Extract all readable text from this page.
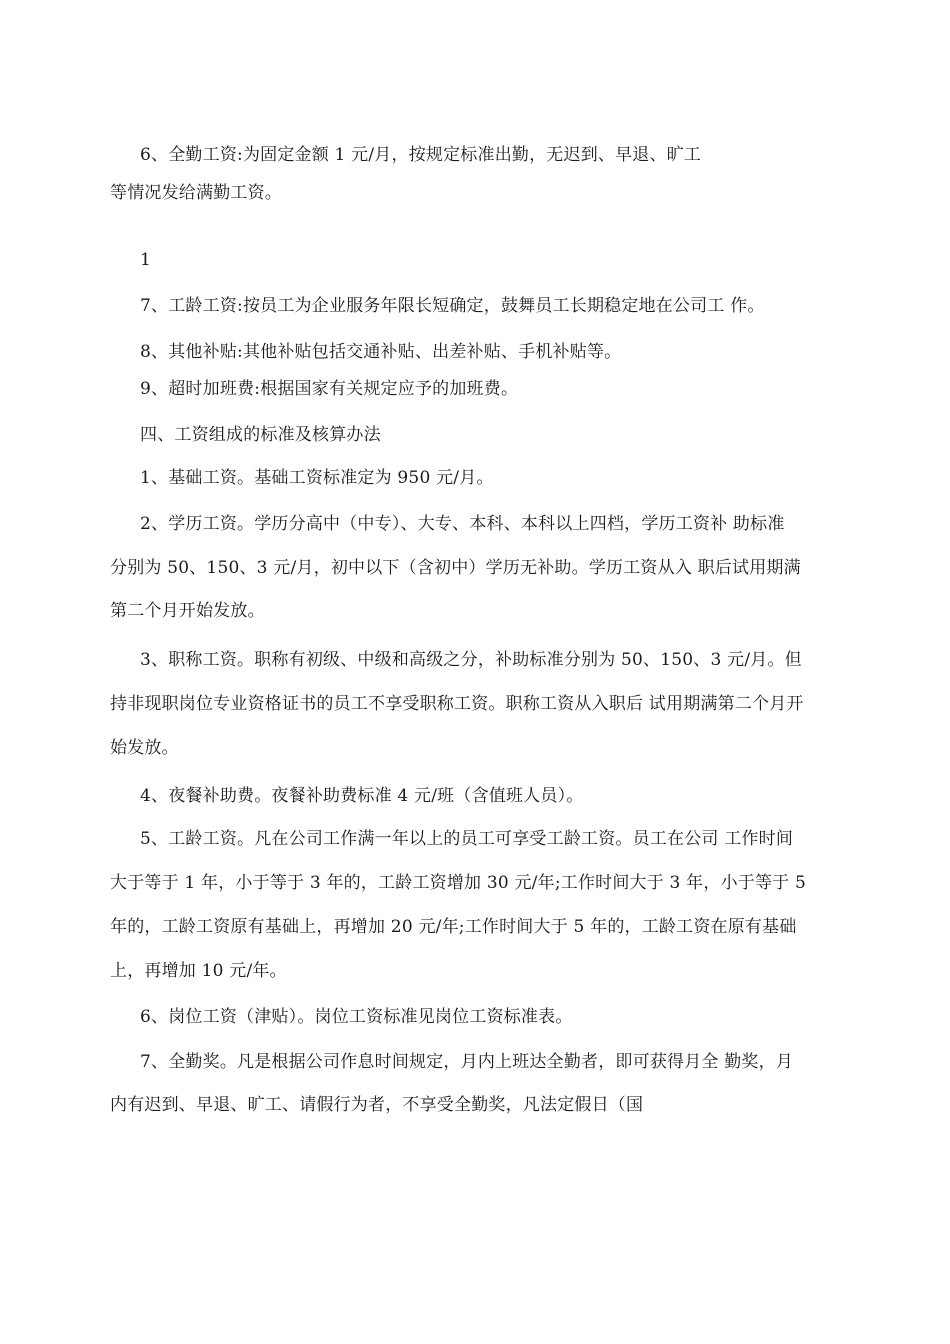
6、全勤工资:为固定金额 1 元/月，按规定标准出勤，无迟到、早退、旷工
等情况发给满勤工资。
1
7、工龄工资:按员工为企业服务年限长短确定，鼓舞员工长期稳定地在公司工 作。
8、其他补贴:其他补贴包括交通补贴、出差补贴、手机补贴等。
9、超时加班费:根据国家有关规定应予的加班费。
四、工资组成的标准及核算办法
1、基础工资。基础工资标准定为 950 元/月。
2、学历工资。学历分高中（中专）、大专、本科、本科以上四档，学历工资补 助标准
分别为 50、150、3 元/月，初中以下（含初中）学历无补助。学历工资从入 职后试用期满
第二个月开始发放。
3、职称工资。职称有初级、中级和高级之分，补助标准分别为 50、150、3 元/月。但
持非现职岗位专业资格证书的员工不享受职称工资。职称工资从入职后 试用期满第二个月开
始发放。
4、夜餐补助费。夜餐补助费标准 4 元/班（含值班人员）。
5、工龄工资。凡在公司工作满一年以上的员工可享受工龄工资。员工在公司 工作时间
大于等于 1 年，小于等于 3 年的，工龄工资增加 30 元/年;工作时间大于 3 年，小于等于 5
年的，工龄工资原有基础上，再增加 20 元/年;工作时间大于 5 年的，工龄工资在原有基础
上，再增加 10 元/年。
6、岗位工资（津贴）。岗位工资标准见岗位工资标准表。
7、全勤奖。凡是根据公司作息时间规定，月内上班达全勤者，即可获得月全 勤奖，月
内有迟到、早退、旷工、请假行为者，不享受全勤奖，凡法定假日（国
